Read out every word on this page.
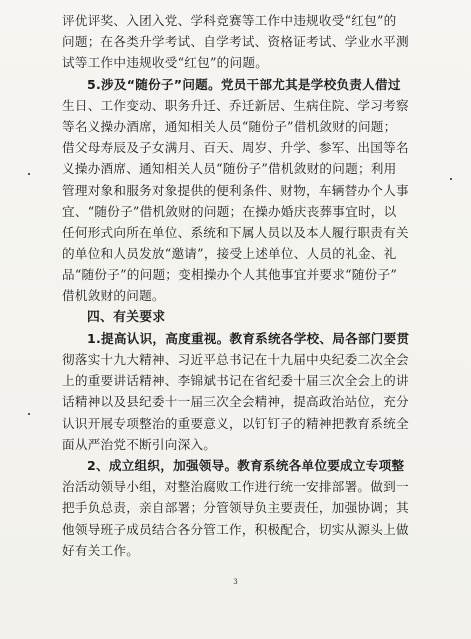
评优评奖、入团入党、学科竞赛等工作中违规收受“红包”的
问题；在各类升学考试、自学考试、资格证考试、学业水平测
试等工作中违规收受“红包”的问题。
5.涉及“随份子”问题。党员干部尤其是学校负责人借过
生日、工作变动、职务升迁、乔迁新居、生病住院、学习考察
等名义操办酒席，通知相关人员“随份子”借机敛财的问题；
借父母寿辰及子女满月、百天、周岁、升学、参军、出国等名
义操办酒席、通知相关人员“随份子”借机敛财的问题；利用
管理对象和服务对象提供的便利条件、财物，车辆替办个人事
宜、“随份子”借机敛财的问题；在操办婚庆丧葬事宜时，以
任何形式向所在单位、系统和下属人员以及本人履行职责有关
的单位和人员发放“邀请”，接受上述单位、人员的礼金、礼
品“随份子”的问题；变相操办个人其他事宜并要求“随份子”
借机敛财的问题。
四、有关要求
1.提高认识，高度重视。教育系统各学校、局各部门要贯
彻落实十九大精神、习近平总书记在十九届中央纪委二次全会
上的重要讲话精神、李锦斌书记在省纪委十届三次全会上的讲
话精神以及县纪委十一届三次全会精神，提高政治站位，充分
认识开展专项整治的重要意义，以钉钉子的精神把教育系统全
面从严治党不断引向深入。
2、成立组织，加强领导。教育系统各单位要成立专项整
治活动领导小组，对整治腐败工作进行统一安排部署。做到一
把手负总责，亲自部署；分管领导负主要责任，加强协调；其
他领导班子成员结合各分管工作，积极配合，切实从源头上做
好有关工作。
3
